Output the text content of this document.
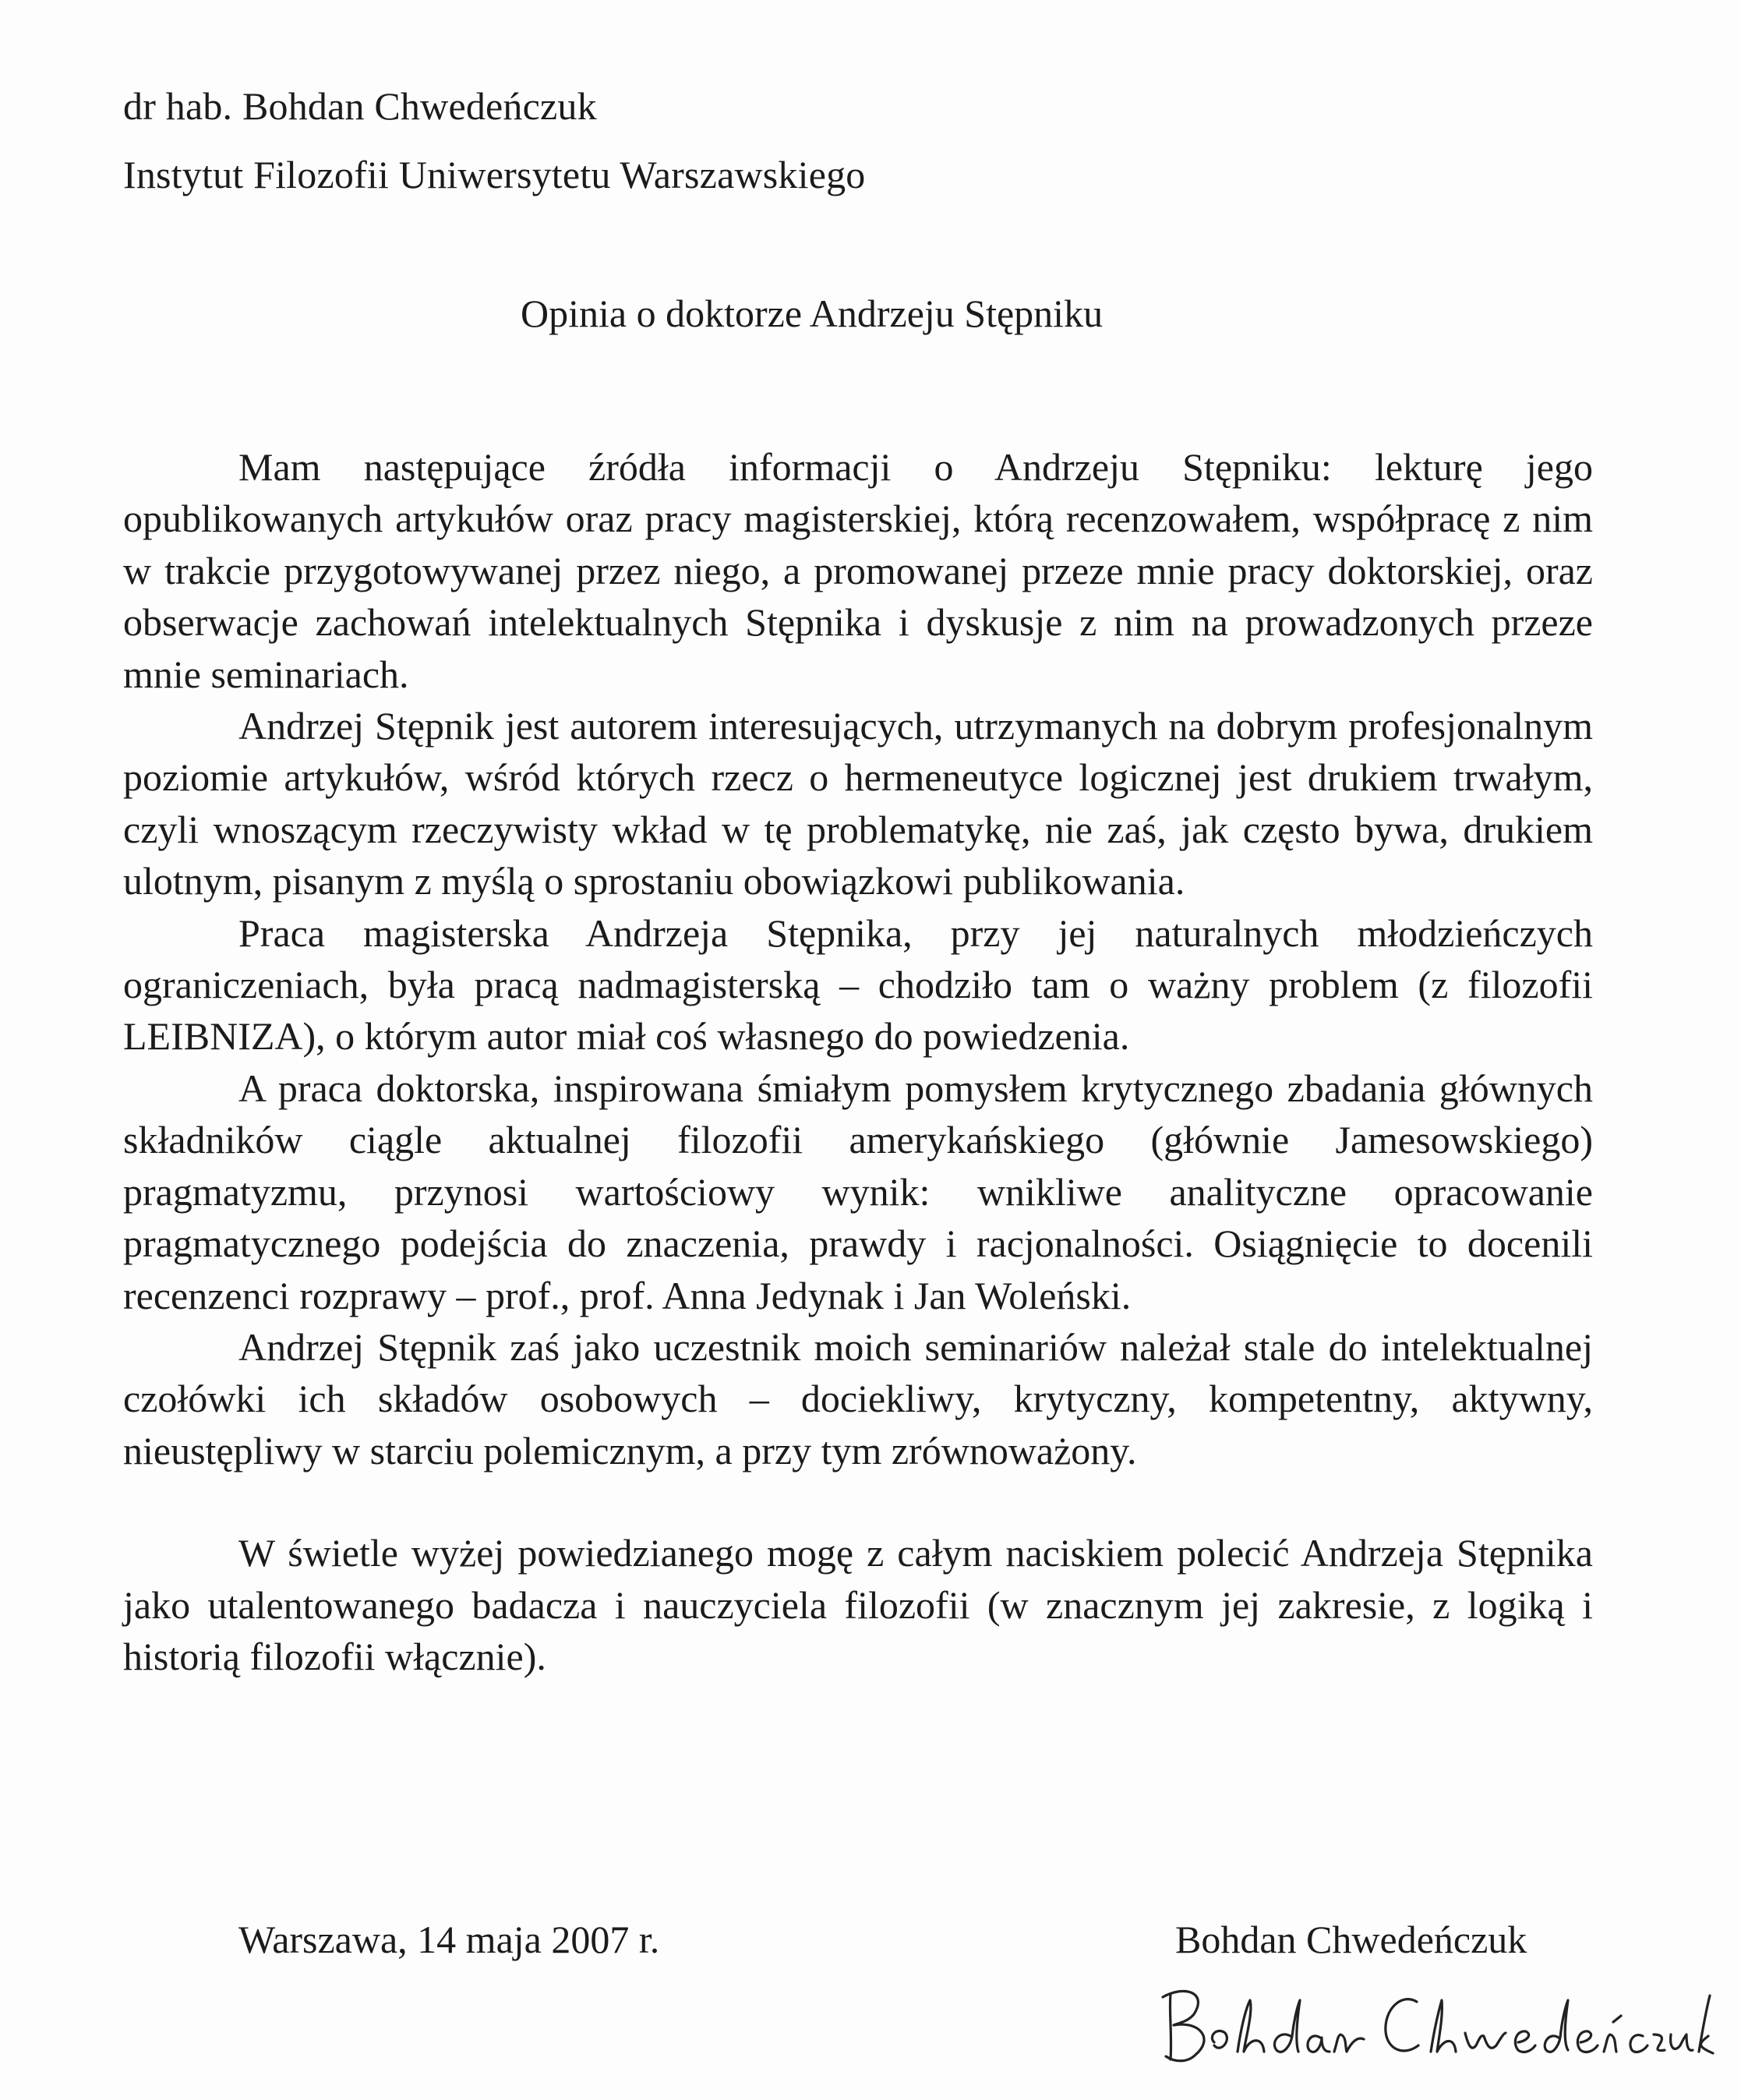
dr hab. Bohdan Chwedeńczuk
Instytut Filozofii Uniwersytetu Warszawskiego
Opinia o doktorze Andrzeju Stępniku

Mam następujące źródła informacji o Andrzeju Stępniku: lekturę jego opublikowanych artykułów oraz pracy magisterskiej, którą recenzowałem, współpracę z nim w trakcie przygotowywanej przez niego, a promowanej przeze mnie pracy doktorskiej, oraz obserwacje zachowań intelektualnych Stępnika i dyskusje z nim na prowadzonych przeze mnie seminariach.

Andrzej Stępnik jest autorem interesujących, utrzymanych na dobrym profesjonalnym poziomie artykułów, wśród których rzecz o hermeneutyce logicznej jest drukiem trwałym, czyli wnoszącym rzeczywisty wkład w tę problematykę, nie zaś, jak często bywa, drukiem ulotnym, pisanym z myślą o sprostaniu obowiązkowi publikowania.

Praca magisterska Andrzeja Stępnika, przy jej naturalnych młodzieńczych ograniczeniach, była pracą nadmagisterską – chodziło tam o ważny problem (z filozofii LEIBNIZA), o którym autor miał coś własnego do powiedzenia.

A praca doktorska, inspirowana śmiałym pomysłem krytycznego zbadania głównych składników ciągle aktualnej filozofii amerykańskiego (głównie Jamesowskiego) pragmatyzmu, przynosi wartościowy wynik: wnikliwe analityczne opracowanie pragmatycznego podejścia do znaczenia, prawdy i racjonalności. Osiągnięcie to docenili recenzenci rozprawy – prof., prof. Anna Jedynak i Jan Woleński.

Andrzej Stępnik zaś jako uczestnik moich seminariów należał stale do intelektualnej czołówki ich składów osobowych – dociekliwy, krytyczny, kompetentny, aktywny, nieustępliwy w starciu polemicznym, a przy tym zrównoważony.

W świetle wyżej powiedzianego mogę z całym naciskiem polecić Andrzeja Stępnika jako utalentowanego badacza i nauczyciela filozofii (w znacznym jej zakresie, z logiką i historią filozofii włącznie).

Warszawa, 14 maja 2007 r.	Bohdan Chwedeńczuk
